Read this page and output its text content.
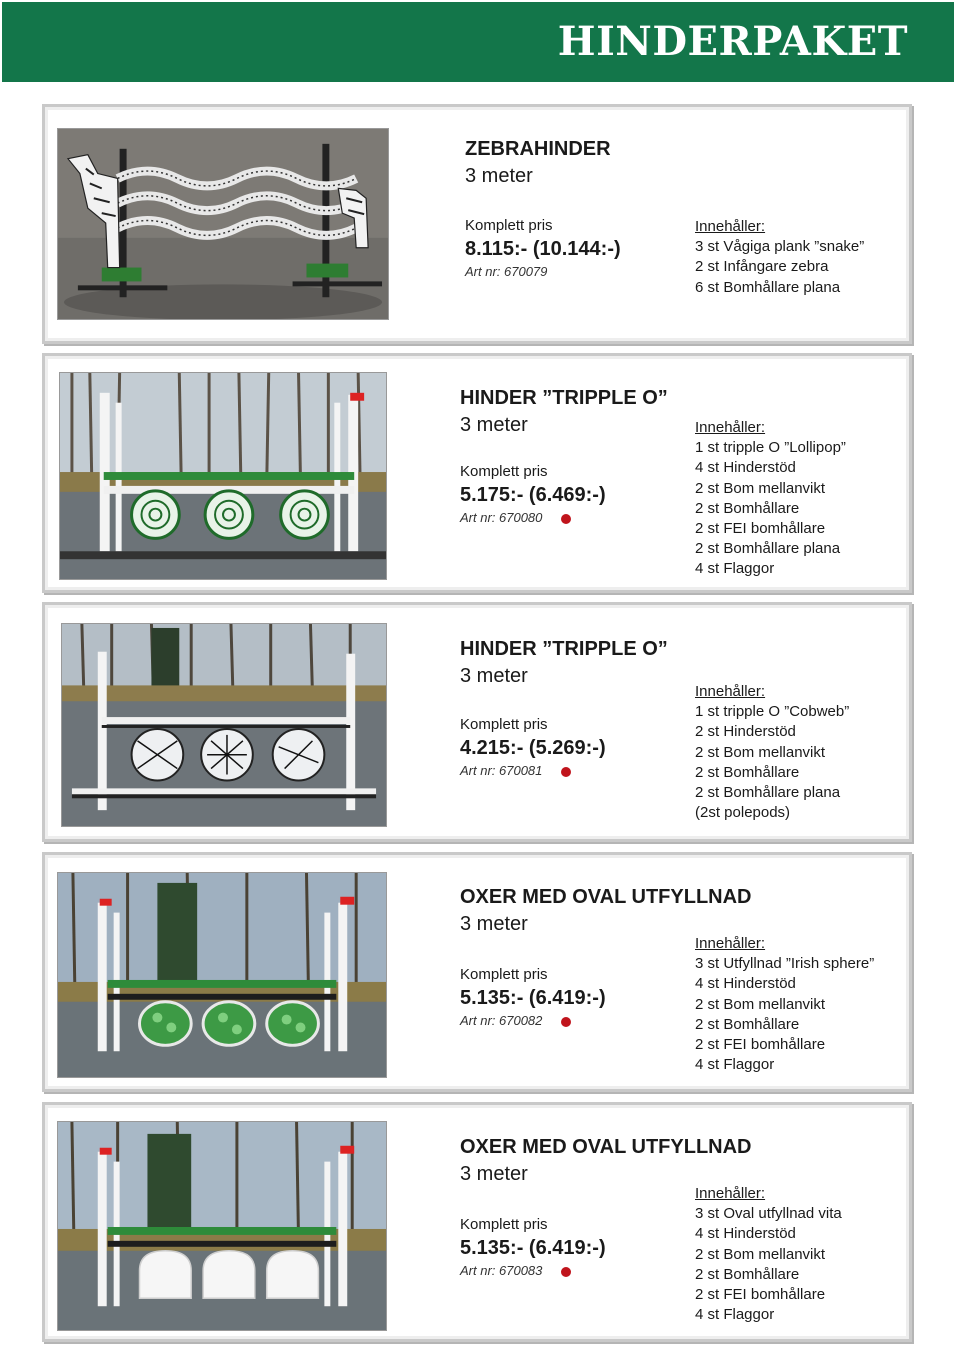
HINDERPAKET
ZEBRAHINDER
3 meter
Komplett pris
8.115:- (10.144:-)
Art nr: 670079
Innehåller:
3 st Vågiga plank ”snake”
2 st Infångare zebra
6 st Bomhållare plana
HINDER ”TRIPPLE O”
3 meter
Komplett pris
5.175:- (6.469:-)
Art nr: 670080
Innehåller:
1 st tripple O ”Lollipop”
4 st Hinderstöd
2 st Bom mellanvikt
2 st Bomhållare
2 st FEI bomhållare
2 st Bomhållare plana
4 st Flaggor
HINDER ”TRIPPLE O”
3 meter
Komplett pris
4.215:- (5.269:-)
Art nr: 670081
Innehåller:
1 st tripple O ”Cobweb”
2 st Hinderstöd
2 st Bom mellanvikt
2 st Bomhållare
2 st Bomhållare plana
(2st polepods)
OXER MED OVAL UTFYLLNAD
3 meter
Komplett pris
5.135:- (6.419:-)
Art nr: 670082
Innehåller:
3 st Utfyllnad ”Irish sphere”
4 st Hinderstöd
2 st Bom mellanvikt
2 st Bomhållare
2 st FEI bomhållare
4 st Flaggor
OXER MED OVAL UTFYLLNAD
3 meter
Komplett pris
5.135:- (6.419:-)
Art nr: 670083
Innehåller:
3 st Oval utfyllnad vita
4 st Hinderstöd
2 st Bom mellanvikt
2 st Bomhållare
2 st FEI bomhållare
4 st Flaggor
